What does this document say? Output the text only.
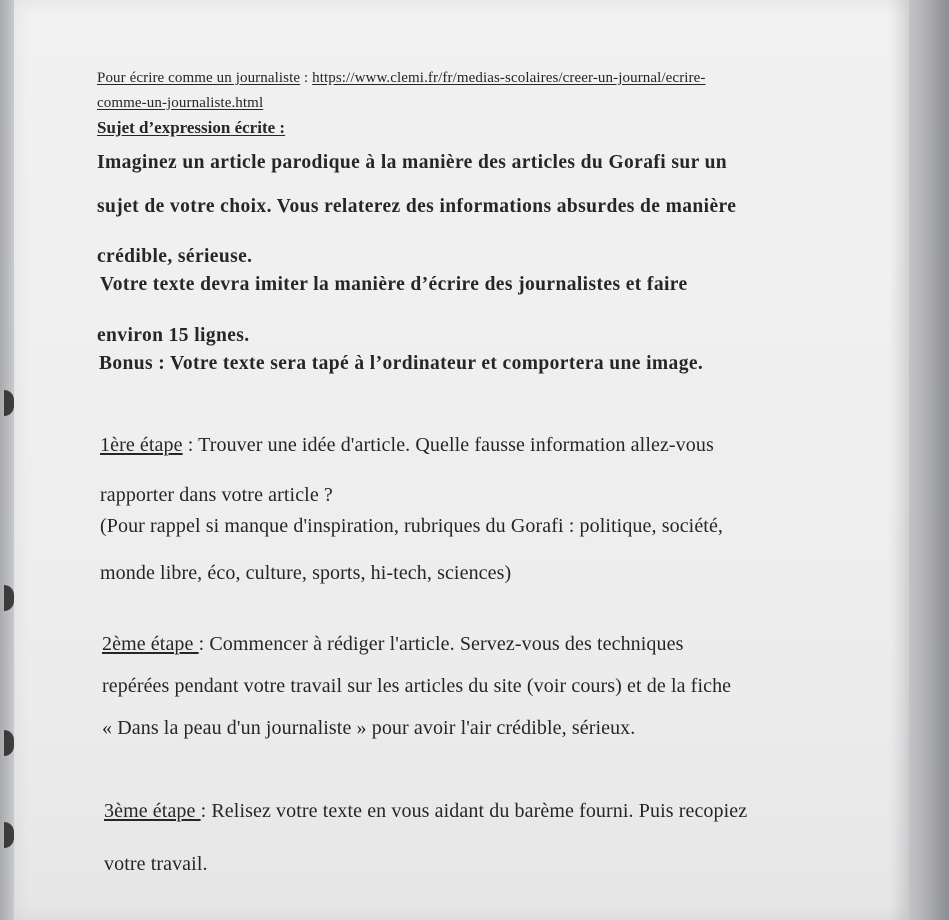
Pour écrire comme un journaliste : https://www.clemi.fr/fr/medias-scolaires/creer-un-journal/ecrire-
comme-un-journaliste.html
Sujet d’expression écrite :
Imaginez un article parodique à la manière des articles du Gorafi sur un
sujet de votre choix. Vous relaterez des informations absurdes de manière
crédible, sérieuse.
Votre texte devra imiter la manière d’écrire des journalistes et faire
environ 15 lignes.
Bonus : Votre texte sera tapé à l’ordinateur et comportera une image.
1ère étape : Trouver une idée d'article. Quelle fausse information allez-vous
rapporter dans votre article ?
(Pour rappel si manque d'inspiration, rubriques du Gorafi : politique, société,
monde libre, éco, culture, sports, hi-tech, sciences)
2ème étape : Commencer à rédiger l'article. Servez-vous des techniques
repérées pendant votre travail sur les articles du site (voir cours) et de la fiche
« Dans la peau d'un journaliste » pour avoir l'air crédible, sérieux.
3ème étape : Relisez votre texte en vous aidant du barème fourni. Puis recopiez
votre travail.
